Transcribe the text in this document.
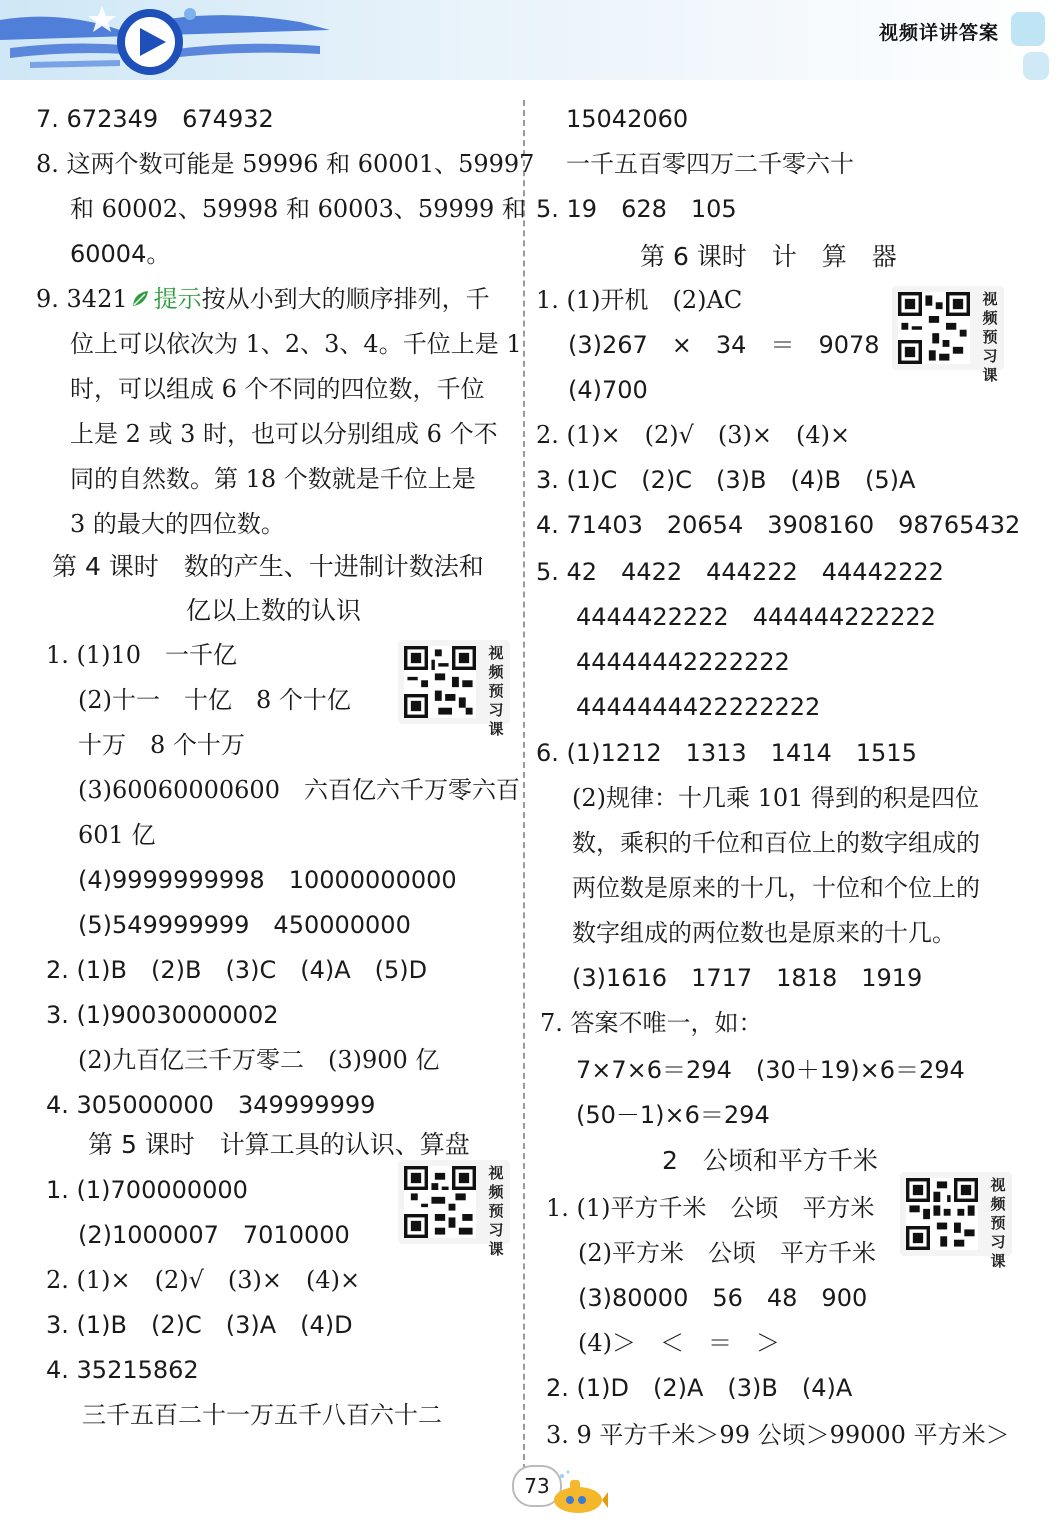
视频详讲答案
7. 672349　674932
8. 这两个数可能是 59996 和 60001、59997
和 60002、59998 和 60003、59999 和
60004。
9. 3421 提示按从小到大的顺序排列，千
位上可以依次为 1、2、3、4。千位上是 1
时，可以组成 6 个不同的四位数，千位
上是 2 或 3 时，也可以分别组成 6 个不
同的自然数。第 18 个数就是千位上是
3 的最大的四位数。
第 4 课时　数的产生、十进制计数法和
亿以上数的认识
1. (1)10　一千亿
(2)十一　十亿　8 个十亿
十万　8 个十万
(3)60060000600　六百亿六千万零六百
601 亿
(4)9999999998　10000000000
(5)549999999　450000000
2. (1)B　(2)B　(3)C　(4)A　(5)D
3. (1)90030000002
(2)九百亿三千万零二　(3)900 亿
4. 305000000　349999999
第 5 课时　计算工具的认识、算盘
1. (1)700000000
(2)1000007　7010000
2. (1)×　(2)√　(3)×　(4)×
3. (1)B　(2)C　(3)A　(4)D
4. 35215862
三千五百二十一万五千八百六十二
15042060
一千五百零四万二千零六十
5. 19　628　105
第 6 课时　计　算　器
1. (1)开机　(2)AC
(3)267　×　34　＝　9078
(4)700
2. (1)×　(2)√　(3)×　(4)×
3. (1)C　(2)C　(3)B　(4)B　(5)A
4. 71403　20654　3908160　98765432
5. 42　4422　444222　44442222
4444422222　444444222222
44444442222222
4444444422222222
6. (1)1212　1313　1414　1515
(2)规律：十几乘 101 得到的积是四位
数，乘积的千位和百位上的数字组成的
两位数是原来的十几，十位和个位上的
数字组成的两位数也是原来的十几。
(3)1616　1717　1818　1919
7. 答案不唯一，如：
7×7×6＝294　(30＋19)×6＝294
(50－1)×6＝294
2　公顷和平方千米
1. (1)平方千米　公顷　平方米
(2)平方米　公顷　平方千米
(3)80000　56　48　900
(4)＞　＜　＝　＞
2. (1)D　(2)A　(3)B　(4)A
3. 9 平方千米＞99 公顷＞99000 平方米＞
视频预习课
视频预习课
视频预习课
视频预习课
73
